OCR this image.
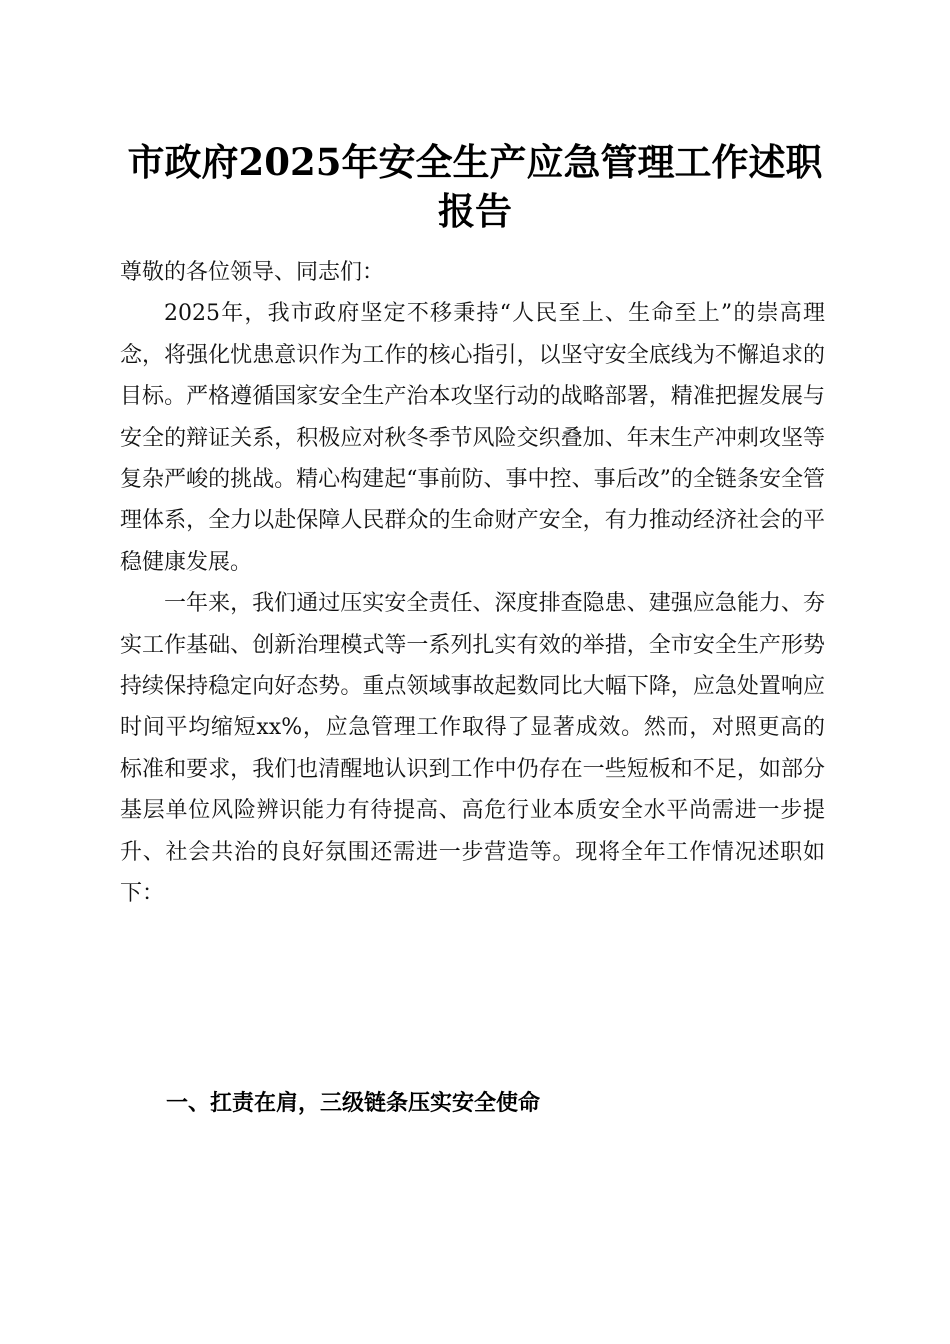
市政府2025年安全生产应急管理工作述职报告

尊敬的各位领导、同志们：

2025年，我市政府坚定不移秉持“人民至上、生命至上”的崇高理念，将强化忧患意识作为工作的核心指引，以坚守安全底线为不懈追求的目标。严格遵循国家安全生产治本攻坚行动的战略部署，精准把握发展与安全的辩证关系，积极应对秋冬季节风险交织叠加、年末生产冲刺攻坚等复杂严峻的挑战。精心构建起“事前防、事中控、事后改”的全链条安全管理体系，全力以赴保障人民群众的生命财产安全，有力推动经济社会的平稳健康发展。

一年来，我们通过压实安全责任、深度排查隐患、建强应急能力、夯实工作基础、创新治理模式等一系列扎实有效的举措，全市安全生产形势持续保持稳定向好态势。重点领域事故起数同比大幅下降，应急处置响应时间平均缩短xx%，应急管理工作取得了显著成效。然而，对照更高的标准和要求，我们也清醒地认识到工作中仍存在一些短板和不足，如部分基层单位风险辨识能力有待提高、高危行业本质安全水平尚需进一步提升、社会共治的良好氛围还需进一步营造等。现将全年工作情况述职如下：

一、扛责在肩，三级链条压实安全使命
